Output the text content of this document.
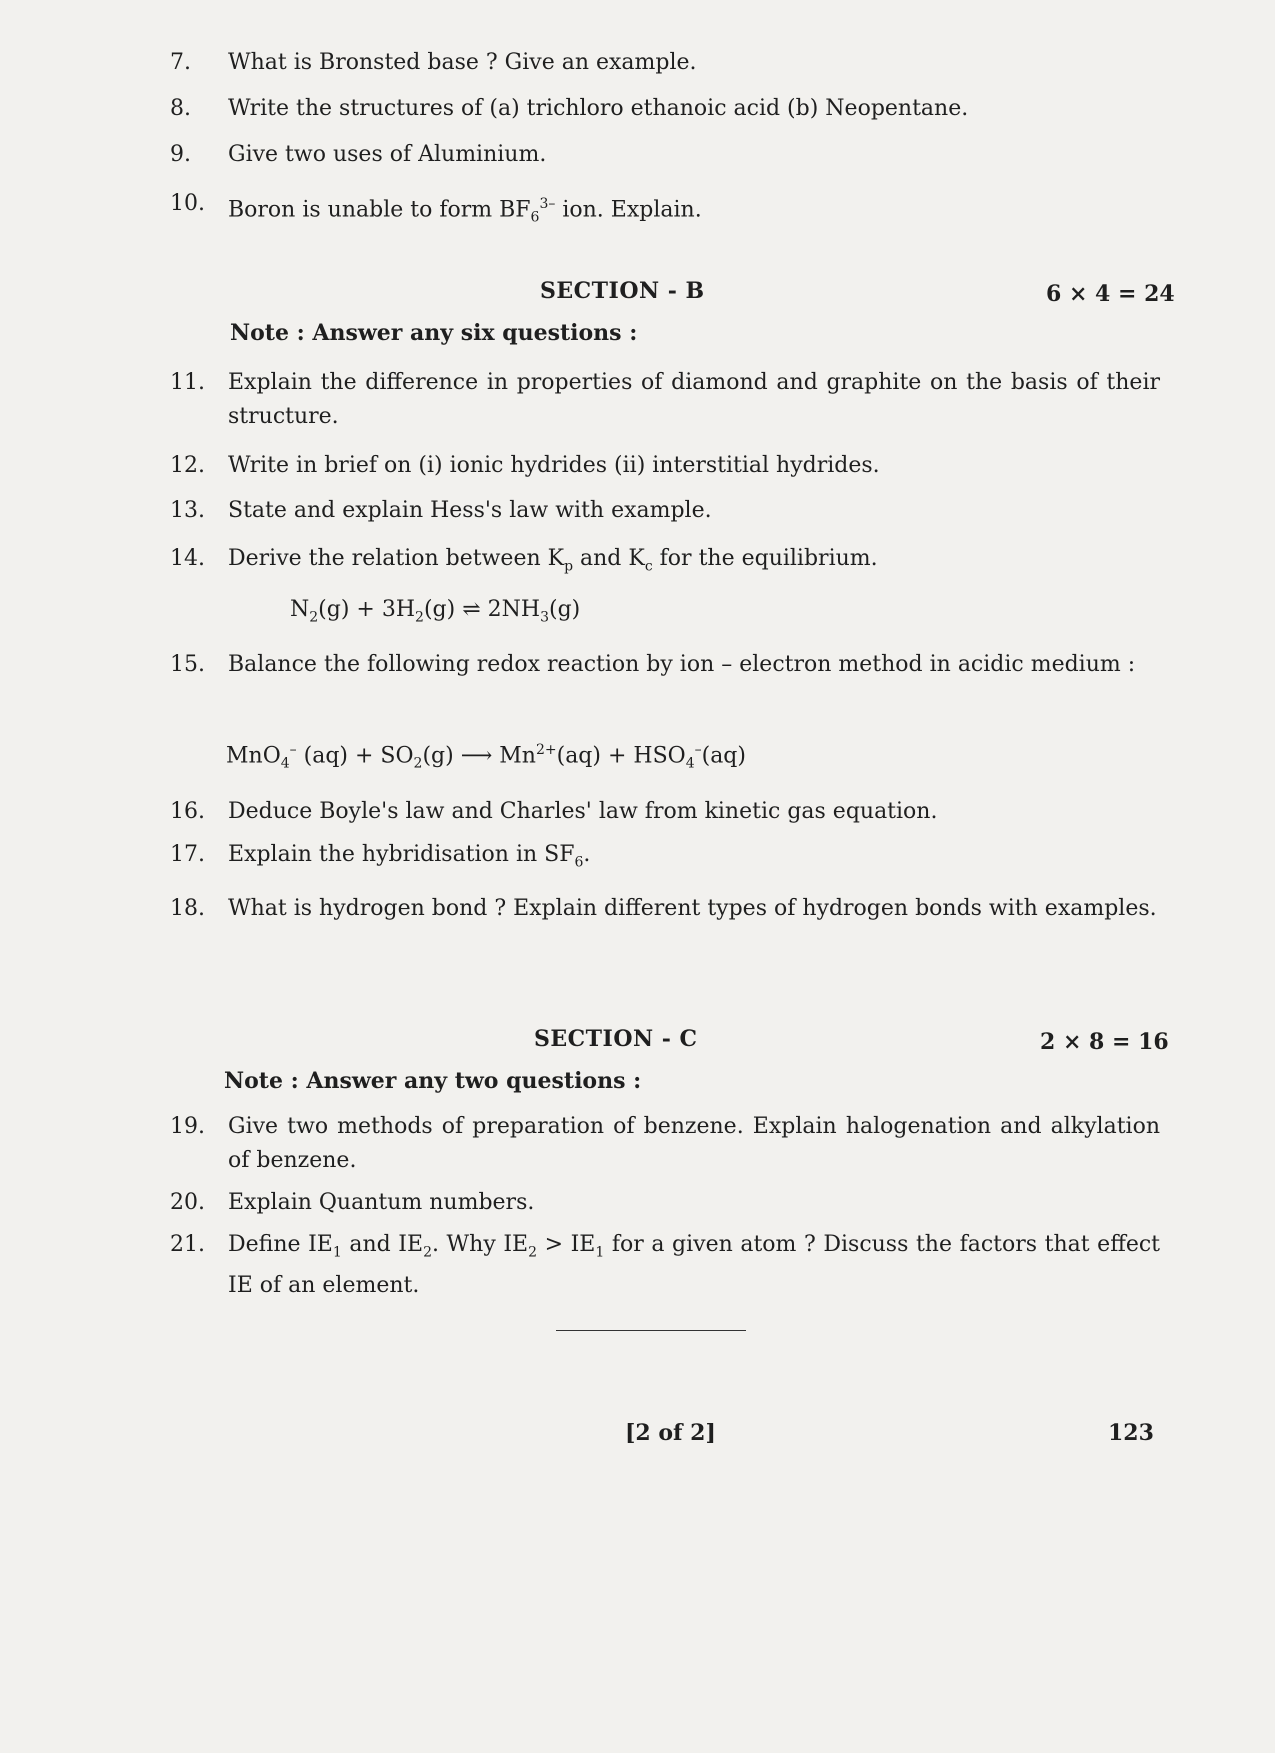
7.	What is Bronsted base ? Give an example.
8.	Write the structures of (a) trichloro ethanoic acid (b) Neopentane.
9.	Give two uses of Aluminium.
10.	Boron is unable to form $BF_6^{3-}$ ion. Explain.
SECTION - B	6 × 4 = 24
Note : Answer any six questions :
11.	Explain the difference in properties of diamond and graphite on the basis of their structure.
12.	Write in brief on (i) ionic hydrides (ii) interstitial hydrides.
13.	State and explain Hess's law with example.
14.	Derive the relation between $K_p$ and $K_c$ for the equilibrium.
$N_2(g) + 3H_2(g)$ ⇌ $2NH_3(g)$
15.	Balance the following redox reaction by ion – electron method in acidic medium :
MnO$_4$– $(aq) + SO_2(g)$ ⟶ $Mn^{2+}(aq) + HSO_4^-(aq)$
16.	Deduce Boyle's law and Charles' law from kinetic gas equation.
17.	Explain the hybridisation in $SF_6$.
18.	What is hydrogen bond ? Explain different types of hydrogen bonds with examples.
SECTION - C	2 × 8 = 16
Note : Answer any two questions :
19.	Give two methods of preparation of benzene. Explain halogenation and alkylation of benzene.
20.	Explain Quantum numbers.
21.	Define $IE_1$ and $IE_2$. Why $IE_2 > IE_1$ for a given atom ? Discuss the factors that effect IE of an element.
[2 of 2]	123
